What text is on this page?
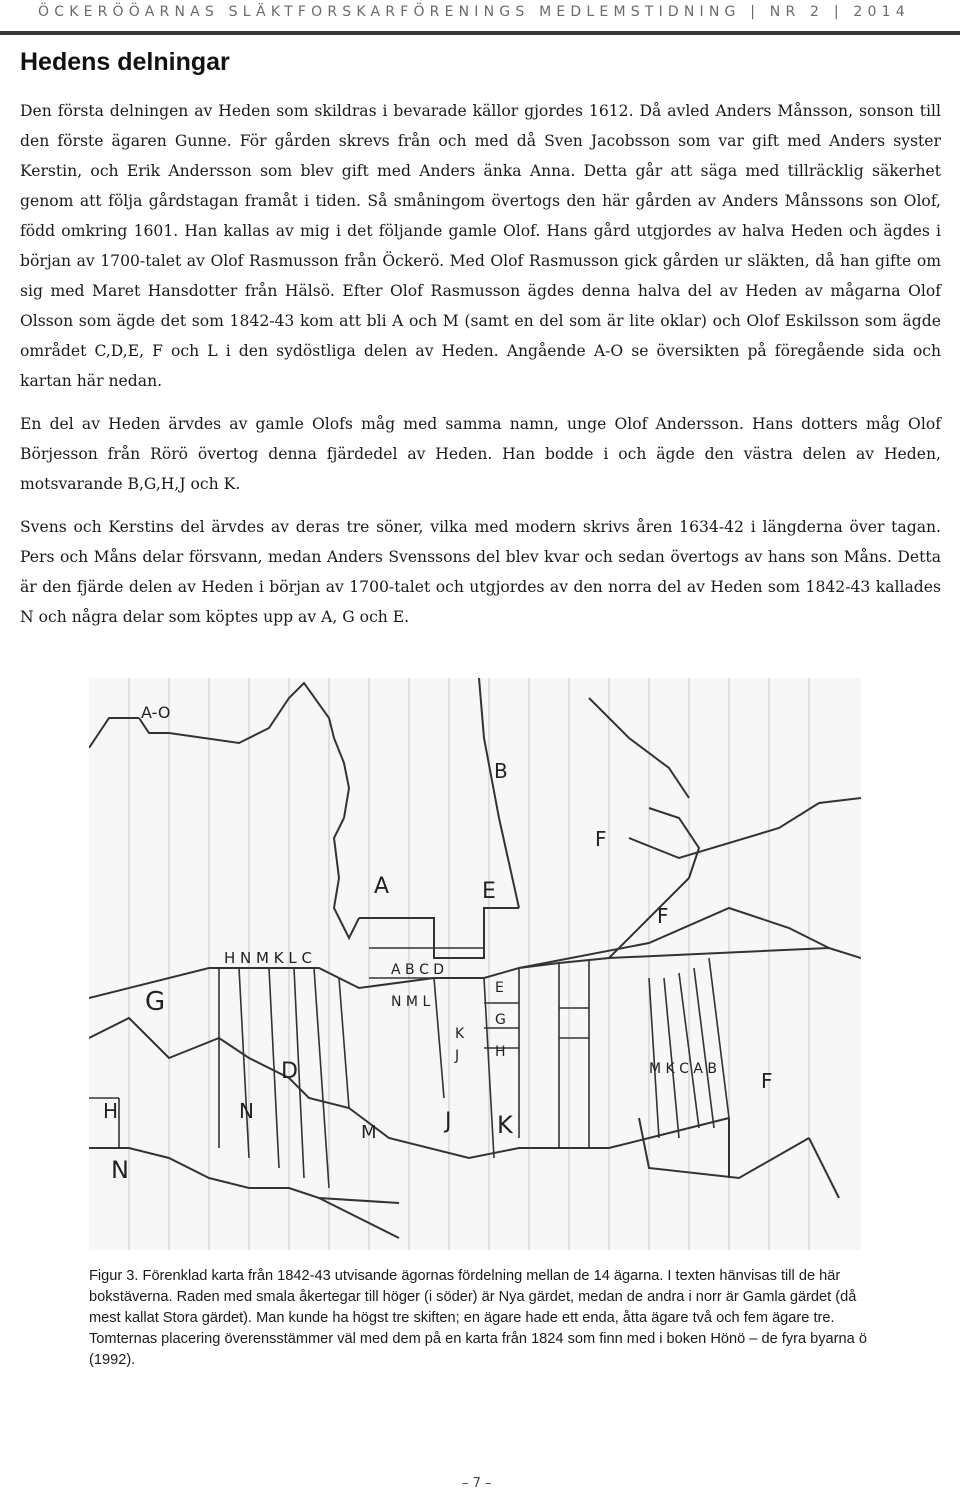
ÖCKERÖÖARNAS SLÄKTFORSKARFÖRENINGS MEDLEMSTIDNING | NR 2 | 2014
Hedens delningar

Den första delningen av Heden som skildras i bevarade källor gjordes 1612. Då avled Anders Månsson, sonson till den förste ägaren Gunne. För gården skrevs från och med då Sven Jacobsson som var gift med Anders syster Kerstin, och Erik Andersson som blev gift med Anders änka Anna. Detta går att säga med tillräcklig säkerhet genom att följa gårdstagan framåt i tiden. Så småningom övertogs den här gården av Anders Månssons son Olof, född omkring 1601. Han kallas av mig i det följande gamle Olof. Hans gård utgjordes av halva Heden och ägdes i början av 1700-talet av Olof Rasmusson från Öckerö. Med Olof Rasmusson gick gården ur släkten, då han gifte om sig med Maret Hansdotter från Hälsö. Efter Olof Rasmusson ägdes denna halva del av Heden av mågarna Olof Olsson som ägde det som 1842-43 kom att bli A och M (samt en del som är lite oklar) och Olof Eskilsson som ägde området C,D,E, F och L i den sydöstliga delen av Heden. Angående A-O se översikten på föregående sida och kartan här nedan.

En del av Heden ärvdes av gamle Olofs måg med samma namn, unge Olof Andersson. Hans dotters måg Olof Börjesson från Rörö övertog denna fjärdedel av Heden. Han bodde i och ägde den västra delen av Heden, motsvarande B,G,H,J och K.

Svens och Kerstins del ärvdes av deras tre söner, vilka med modern skrivs åren 1634-42 i längderna över tagan. Pers och Måns delar försvann, medan Anders Svenssons del blev kvar och sedan övertogs av hans son Måns. Detta är den fjärde delen av Heden i början av 1700-talet och utgjordes av den norra del av Heden som 1842-43 kallades N och några delar som köptes upp av A, G och E.

A-O
B
A	E
F
F
G
D
H
N
M	J K
N
F
H N M K L C
A B C D
N M L
K
G
J	H
E
M K C A B
Figur 3. Förenklad karta från 1842-43 utvisande ägornas fördelning mellan de 14 ägarna. I texten hänvisas till de här bokstäverna. Raden med smala åkertegar till höger (i söder) är Nya gärdet, medan de andra i norr är Gamla gärdet (då mest kallat Stora gärdet). Man kunde ha högst tre skiften; en ägare hade ett enda, åtta ägare två och fem ägare tre. Tomternas placering överensstämmer väl med dem på en karta från 1824 som finn med i boken Hönö – de fyra byarna ö (1992).
– 7 –
